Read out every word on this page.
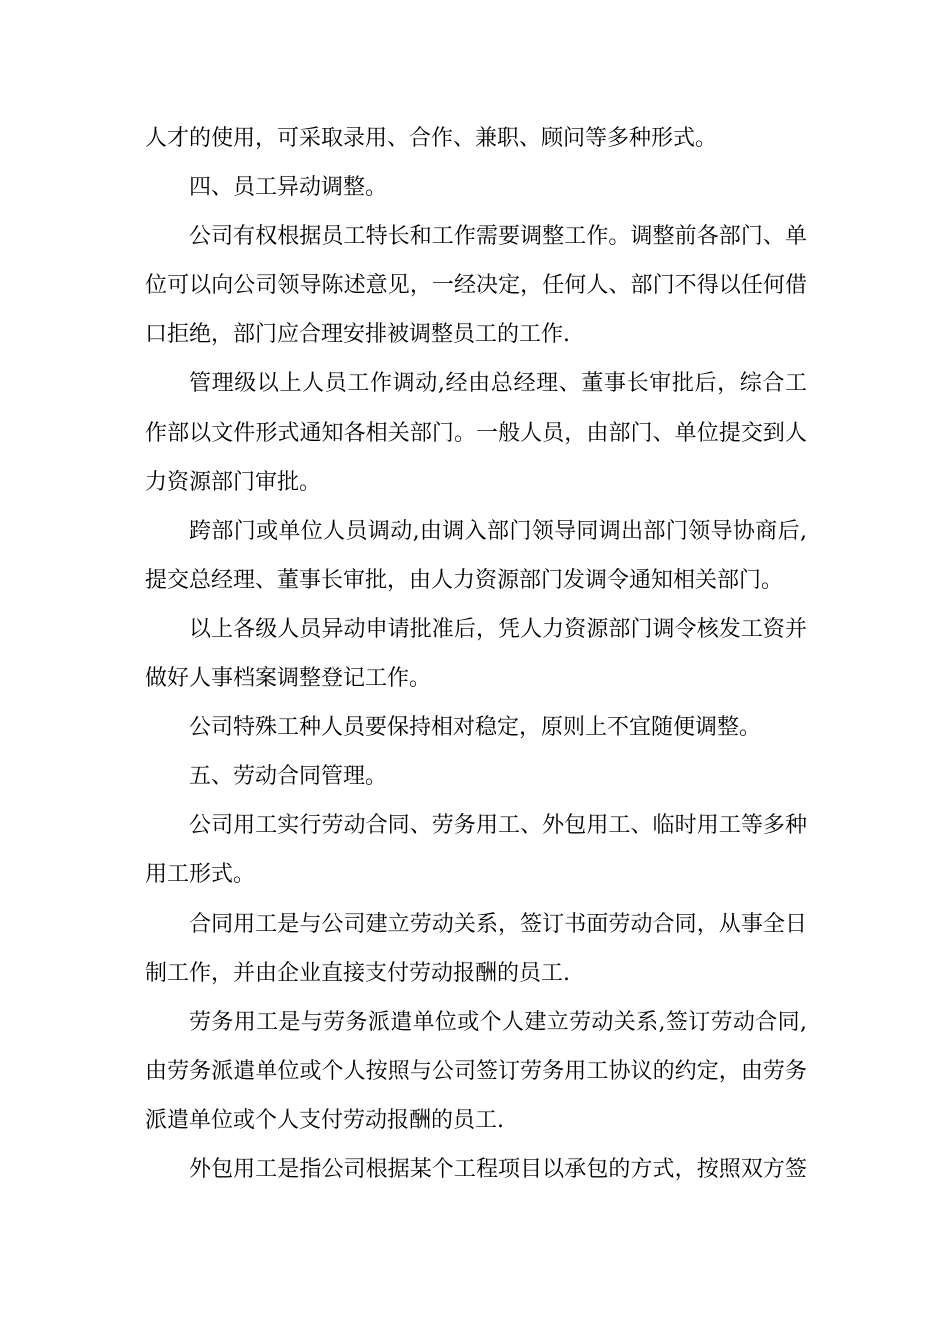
人才的使用，可采取录用、合作、兼职、顾问等多种形式。
四、员工异动调整。
公司有权根据员工特长和工作需要调整工作。调整前各部门、单
位可以向公司领导陈述意见，一经决定，任何人、部门不得以任何借
口拒绝，部门应合理安排被调整员工的工作.
管理级以上人员工作调动,经由总经理、董事长审批后，综合工
作部以文件形式通知各相关部门。一般人员，由部门、单位提交到人
力资源部门审批。
跨部门或单位人员调动,由调入部门领导同调出部门领导协商后,
提交总经理、董事长审批，由人力资源部门发调令通知相关部门。
以上各级人员异动申请批准后，凭人力资源部门调令核发工资并
做好人事档案调整登记工作。
公司特殊工种人员要保持相对稳定，原则上不宜随便调整。
五、劳动合同管理。
公司用工实行劳动合同、劳务用工、外包用工、临时用工等多种
用工形式。
合同用工是与公司建立劳动关系，签订书面劳动合同，从事全日
制工作，并由企业直接支付劳动报酬的员工.
劳务用工是与劳务派遣单位或个人建立劳动关系,签订劳动合同,
由劳务派遣单位或个人按照与公司签订劳务用工协议的约定，由劳务
派遣单位或个人支付劳动报酬的员工.
外包用工是指公司根据某个工程项目以承包的方式，按照双方签
